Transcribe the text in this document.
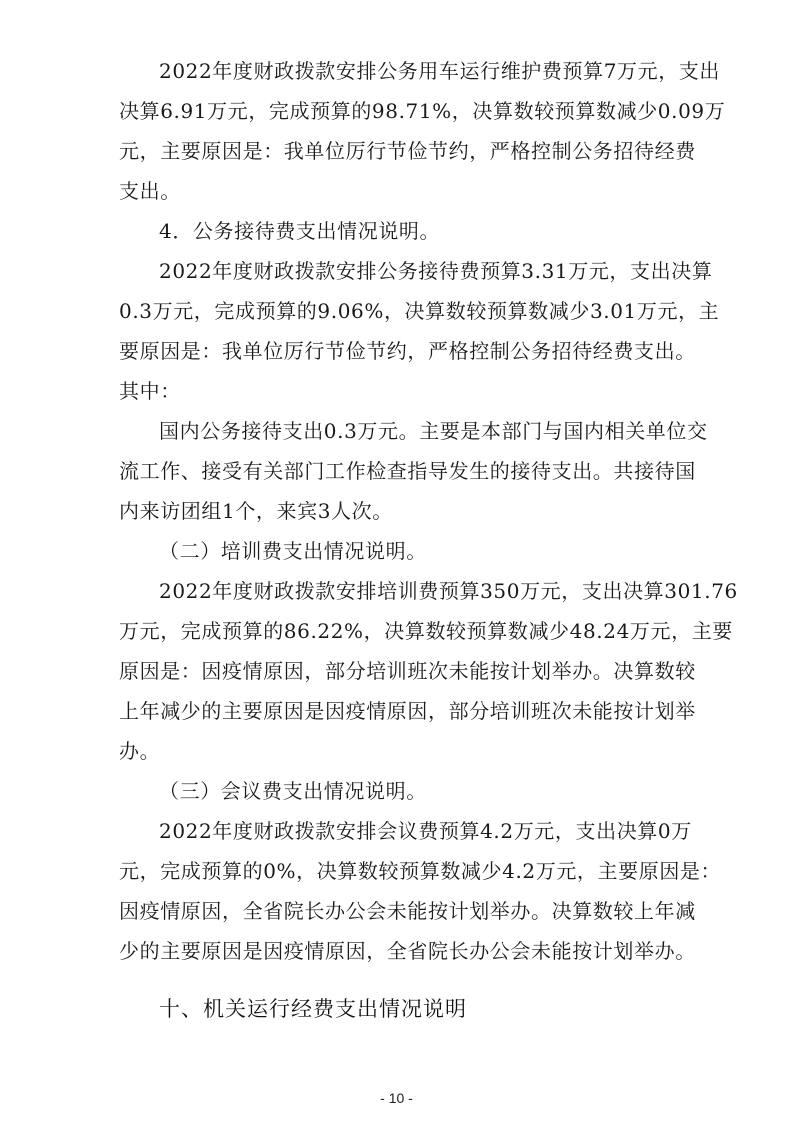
2022年度财政拨款安排公务用车运行维护费预算7万元，支出
决算6.91万元，完成预算的98.71%，决算数较预算数减少0.09万
元，主要原因是：我单位厉行节俭节约，严格控制公务招待经费
支出。
4．公务接待费支出情况说明。
2022年度财政拨款安排公务接待费预算3.31万元，支出决算
0.3万元，完成预算的9.06%，决算数较预算数减少3.01万元，主
要原因是：我单位厉行节俭节约，严格控制公务招待经费支出。
其中：
国内公务接待支出0.3万元。主要是本部门与国内相关单位交
流工作、接受有关部门工作检查指导发生的接待支出。共接待国
内来访团组1个，来宾3人次。
（二）培训费支出情况说明。
2022年度财政拨款安排培训费预算350万元，支出决算301.76
万元，完成预算的86.22%，决算数较预算数减少48.24万元，主要
原因是：因疫情原因，部分培训班次未能按计划举办。决算数较
上年减少的主要原因是因疫情原因，部分培训班次未能按计划举
办。
（三）会议费支出情况说明。
2022年度财政拨款安排会议费预算4.2万元，支出决算0万
元，完成预算的0%，决算数较预算数减少4.2万元，主要原因是：
因疫情原因，全省院长办公会未能按计划举办。决算数较上年减
少的主要原因是因疫情原因，全省院长办公会未能按计划举办。
十、机关运行经费支出情况说明
- 10 -
